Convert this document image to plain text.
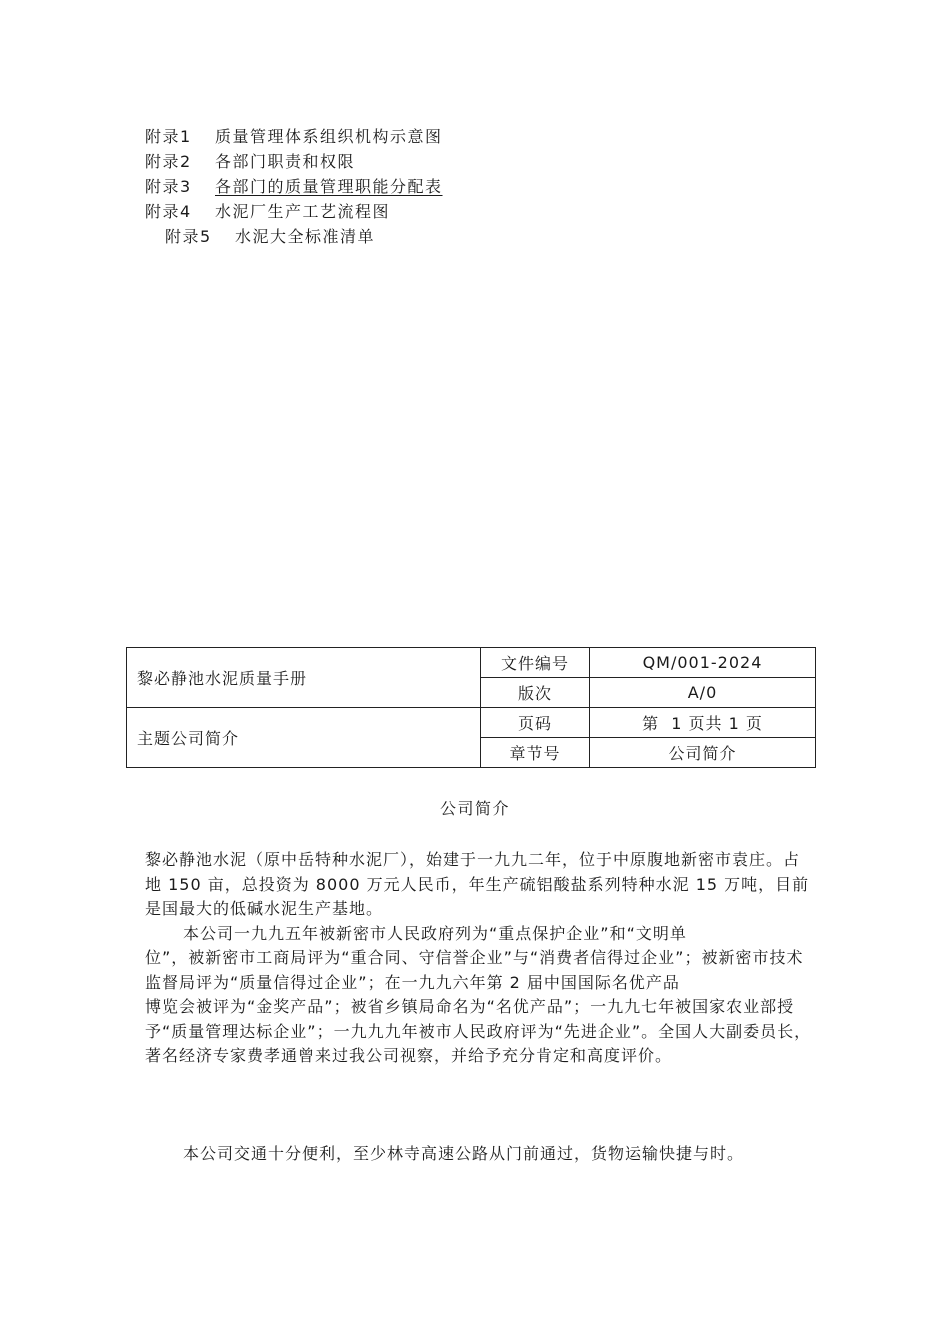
附录1 质量管理体系组织机构示意图
附录2 各部门职责和权限
附录3 各部门的质量管理职能分配表
附录4 水泥厂生产工艺流程图
附录5 水泥大全标准清单
黎必静池水泥质量手册	文件编号	QM/001-2024
	版次	A/0
主题公司简介	页码	第  1 页共 1 页
	章节号	公司简介
公司简介

黎必静池水泥（原中岳特种水泥厂），始建于一九九二年，位于中原腹地新密市袁庄。占地 150 亩，总投资为 8000 万元人民币，年生产硫铝酸盐系列特种水泥 15 万吨，目前是国最大的低碱水泥生产基地。

本公司一九九五年被新密市人民政府列为“重点保护企业”和“文明单

位”，被新密市工商局评为“重合同、守信誉企业”与“消费者信得过企业”；被新密市技术监督局评为“质量信得过企业”；在一九九六年第 2 届中国国际名优产品

博览会被评为“金奖产品”；被省乡镇局命名为“名优产品”；一九九七年被国家农业部授予“质量管理达标企业”；一九九九年被市人民政府评为“先进企业”。全国人大副委员长，著名经济专家费孝通曾来过我公司视察，并给予充分肯定和高度评价。

本公司交通十分便利，至少林寺高速公路从门前通过，货物运输快捷与时。
